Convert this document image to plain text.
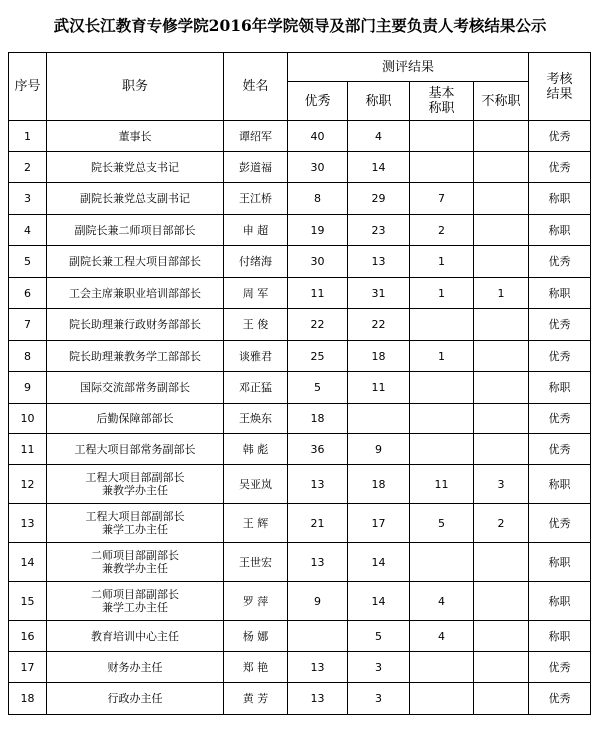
武汉长江教育专修学院2016年学院领导及部门主要负责人考核结果公示
序号	职务	姓名	测评结果				考核
结果

			优秀	称职	基本
称职	不称职	
1	董事长	谭绍军	40	4			优秀
2	院长兼党总支书记	彭道福	30	14			优秀
3	副院长兼党总支副书记	王江桥	8	29	7		称职
4	副院长兼二师项目部部长	申 超	19	23	2		称职
5	副院长兼工程大项目部部长	付绪海	30	13	1		优秀
6	工会主席兼职业培训部部长	周 军	11	31	1	1	称职
7	院长助理兼行政财务部部长	王 俊	22	22			优秀
8	院长助理兼教务学工部部长	谈雅君	25	18	1		优秀
9	国际交流部常务副部长	邓正猛	5	11			称职
10	后勤保障部部长	王焕东	18				优秀
11	工程大项目部常务副部长	韩 彪	36	9			优秀
12	工程大项目部副部长
兼教学办主任	吴亚岚	13	18	11	3	称职
13	工程大项目部副部长
兼学工办主任	王 辉	21	17	5	2	优秀
14	二师项目部副部长
兼教学办主任	王世宏	13	14			称职
15	二师项目部副部长
兼学工办主任	罗 萍	9	14	4		称职
16	教育培训中心主任	杨 娜		5	4		称职
17	财务办主任	郑 艳	13	3			优秀
18	行政办主任	黄 芳	13	3			优秀
